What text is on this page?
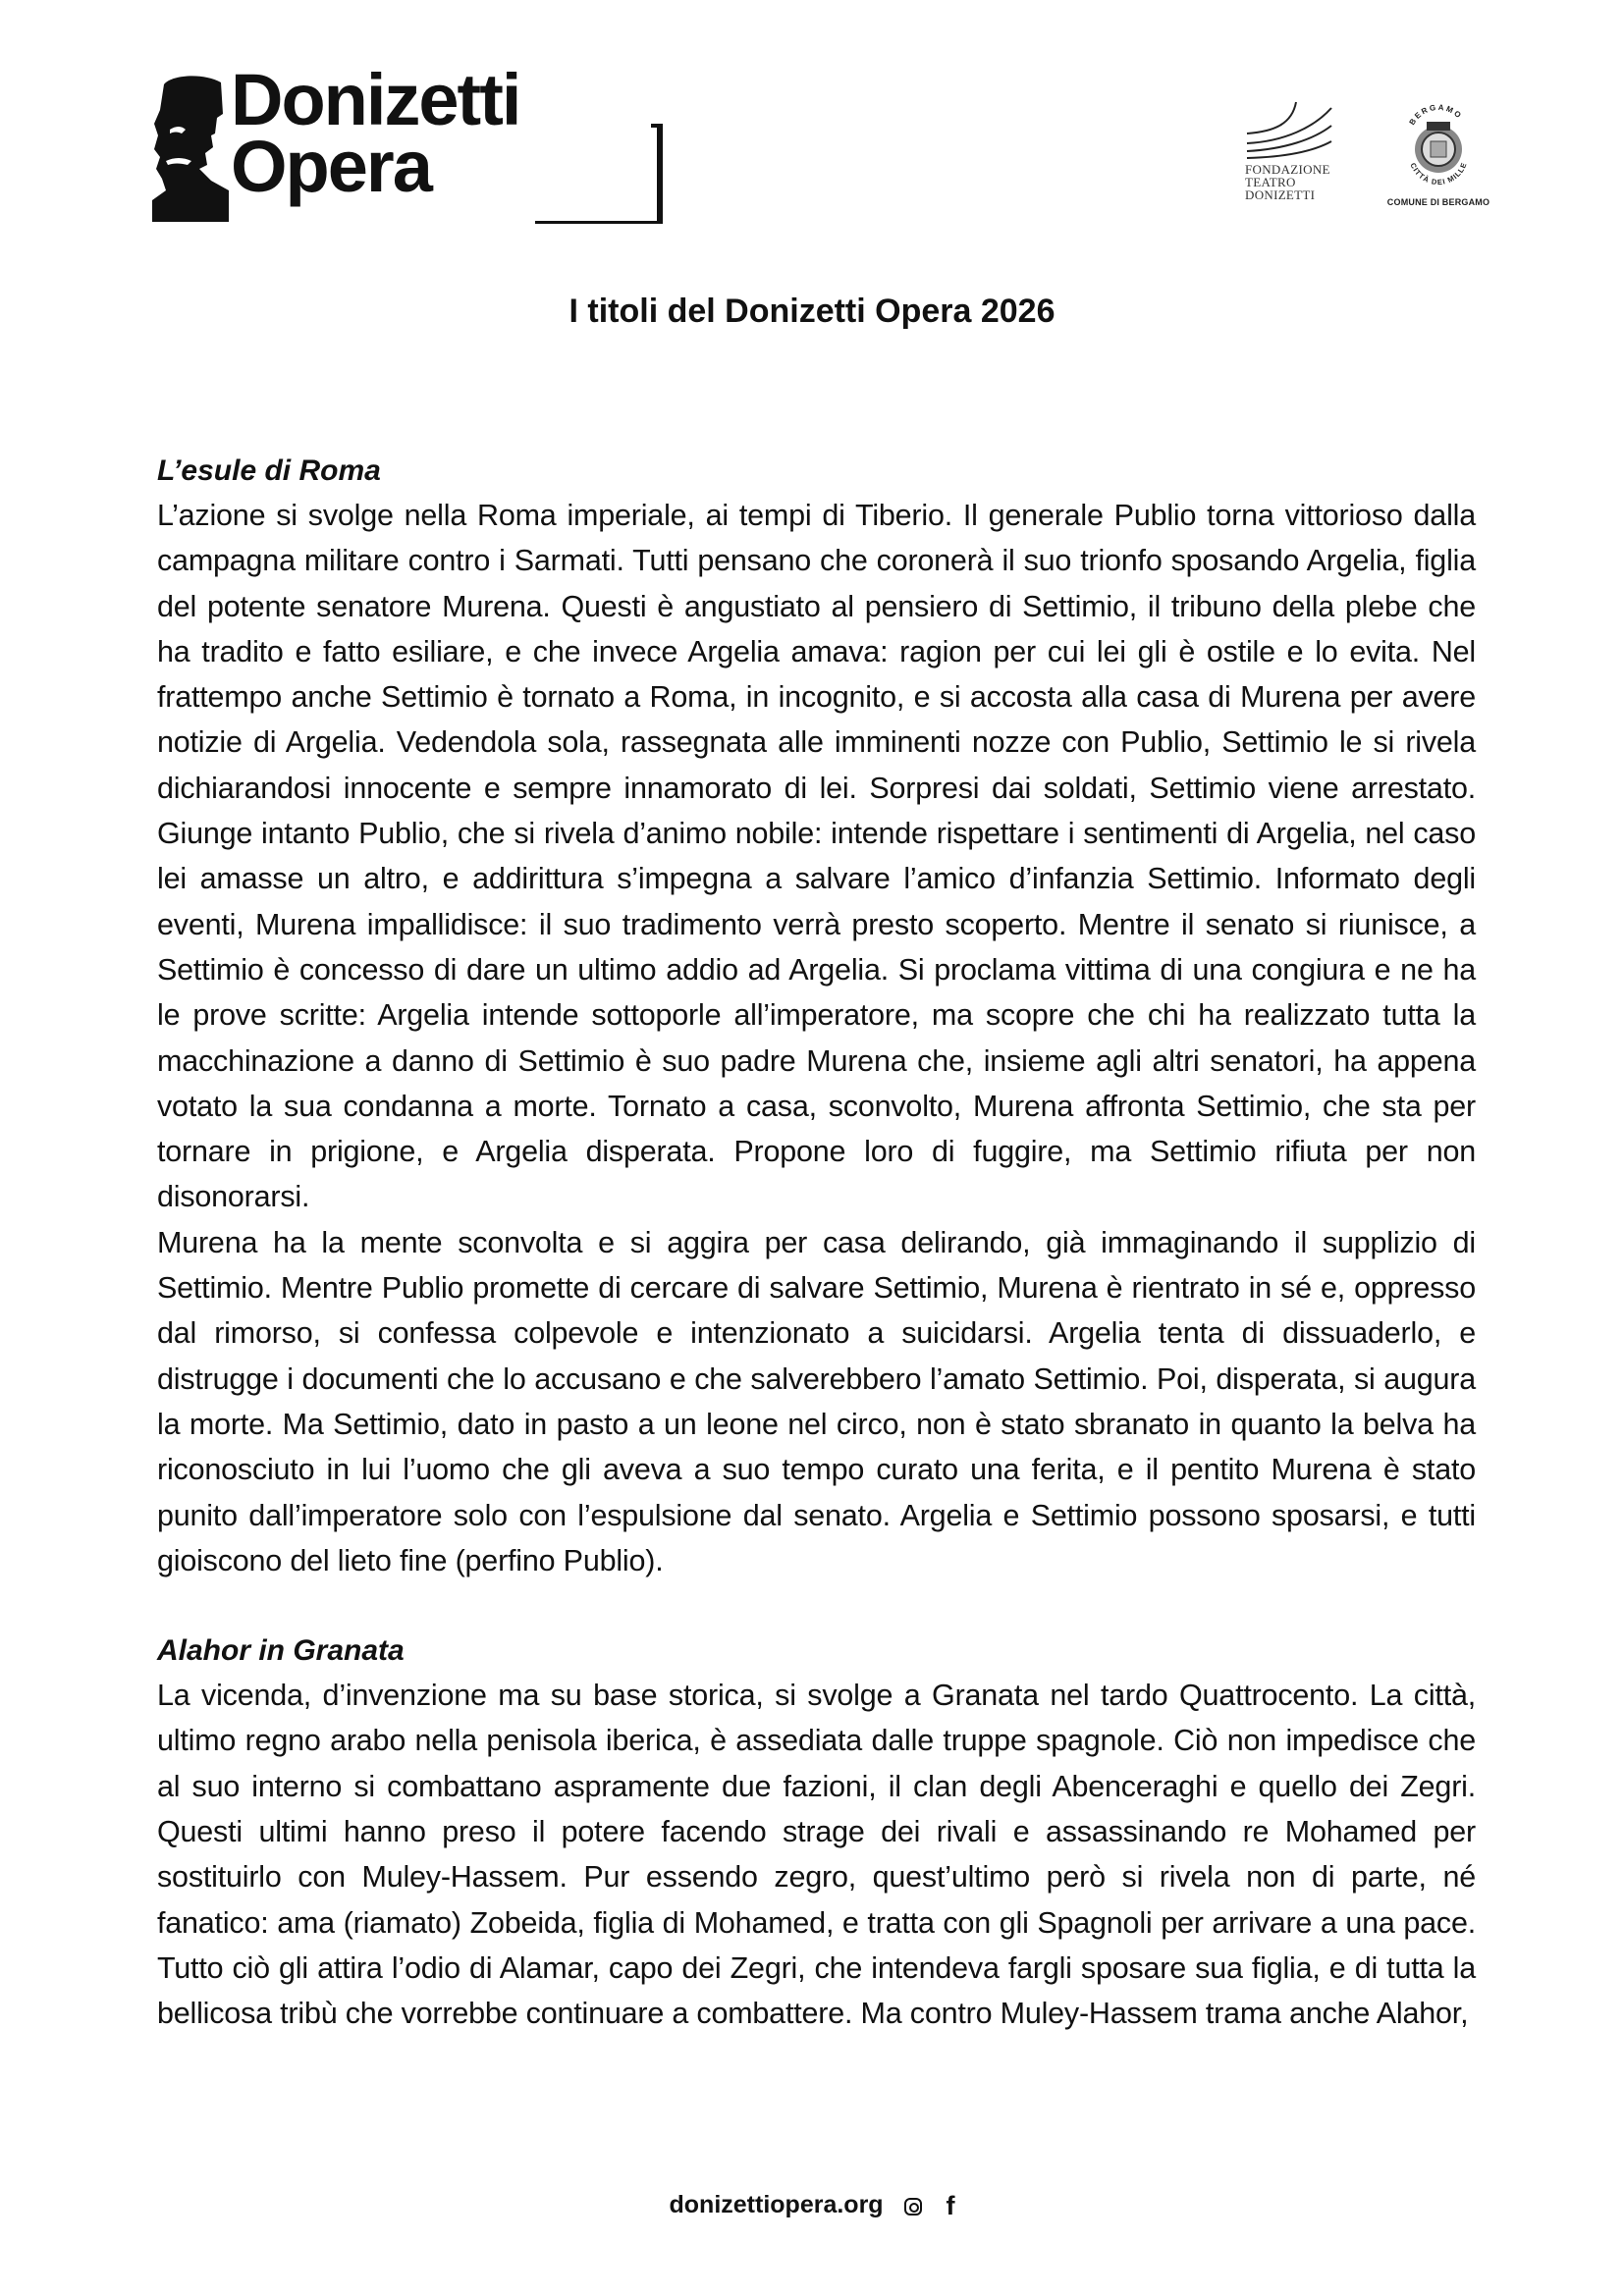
Donizetti
Opera	FONDAZIONE
TEATRO
DONIZETTI
BERGAMO
CITTÀ DEI MILLE
COMUNE DI BERGAMO
I titoli del Donizetti Opera 2026
L’esule di Roma

L’azione si svolge nella Roma imperiale, ai tempi di Tiberio. Il generale Publio torna vittorioso dalla campagna militare contro i Sarmati. Tutti pensano che coronerà il suo trionfo sposando Argelia, figlia del potente senatore Murena. Questi è angustiato al pensiero di Settimio, il tribuno della plebe che ha tradito e fatto esiliare, e che invece Argelia amava: ragion per cui lei gli è ostile e lo evita. Nel frattempo anche Settimio è tornato a Roma, in incognito, e si accosta alla casa di Murena per avere notizie di Argelia. Vedendola sola, rassegnata alle imminenti nozze con Publio, Settimio le si rivela dichiarandosi innocente e sempre innamorato di lei. Sorpresi dai soldati, Settimio viene arrestato. Giunge intanto Publio, che si rivela d’animo nobile: intende rispettare i sentimenti di Argelia, nel caso lei amasse un altro, e addirittura s’impegna a salvare l’amico d’infanzia Settimio. Informato degli eventi, Murena impallidisce: il suo tradimento verrà presto scoperto. Mentre il senato si riunisce, a Settimio è concesso di dare un ultimo addio ad Argelia. Si proclama vittima di una congiura e ne ha le prove scritte: Argelia intende sottoporle all’imperatore, ma scopre che chi ha realizzato tutta la macchinazione a danno di Settimio è suo padre Murena che, insieme agli altri senatori, ha appena votato la sua condanna a morte. Tornato a casa, sconvolto, Murena affronta Settimio, che sta per tornare in prigione, e Argelia disperata. Propone loro di fuggire, ma Settimio rifiuta per non disonorarsi.

Murena ha la mente sconvolta e si aggira per casa delirando, già immaginando il supplizio di Settimio. Mentre Publio promette di cercare di salvare Settimio, Murena è rientrato in sé e, oppresso dal rimorso, si confessa colpevole e intenzionato a suicidarsi. Argelia tenta di dissuaderlo, e distrugge i documenti che lo accusano e che salverebbero l’amato Settimio. Poi, disperata, si augura la morte. Ma Settimio, dato in pasto a un leone nel circo, non è stato sbranato in quanto la belva ha riconosciuto in lui l’uomo che gli aveva a suo tempo curato una ferita, e il pentito Murena è stato punito dall’imperatore solo con l’espulsione dal senato. Argelia e Settimio possono sposarsi, e tutti gioiscono del lieto fine (perfino Publio).

Alahor in Granata

La vicenda, d’invenzione ma su base storica, si svolge a Granata nel tardo Quattrocento. La città, ultimo regno arabo nella penisola iberica, è assediata dalle truppe spagnole. Ciò non impedisce che al suo interno si combattano aspramente due fazioni, il clan degli Abenceraghi e quello dei Zegri. Questi ultimi hanno preso il potere facendo strage dei rivali e assassinando re Mohamed per sostituirlo con Muley-Hassem. Pur essendo zegro, quest’ultimo però si rivela non di parte, né fanatico: ama (riamato) Zobeida, figlia di Mohamed, e tratta con gli Spagnoli per arrivare a una pace. Tutto ciò gli attira l’odio di Alamar, capo dei Zegri, che intendeva fargli sposare sua figlia, e di tutta la bellicosa tribù che vorrebbe continuare a combattere. Ma contro Muley-Hassem trama anche Alahor,

donizettiopera.org f
